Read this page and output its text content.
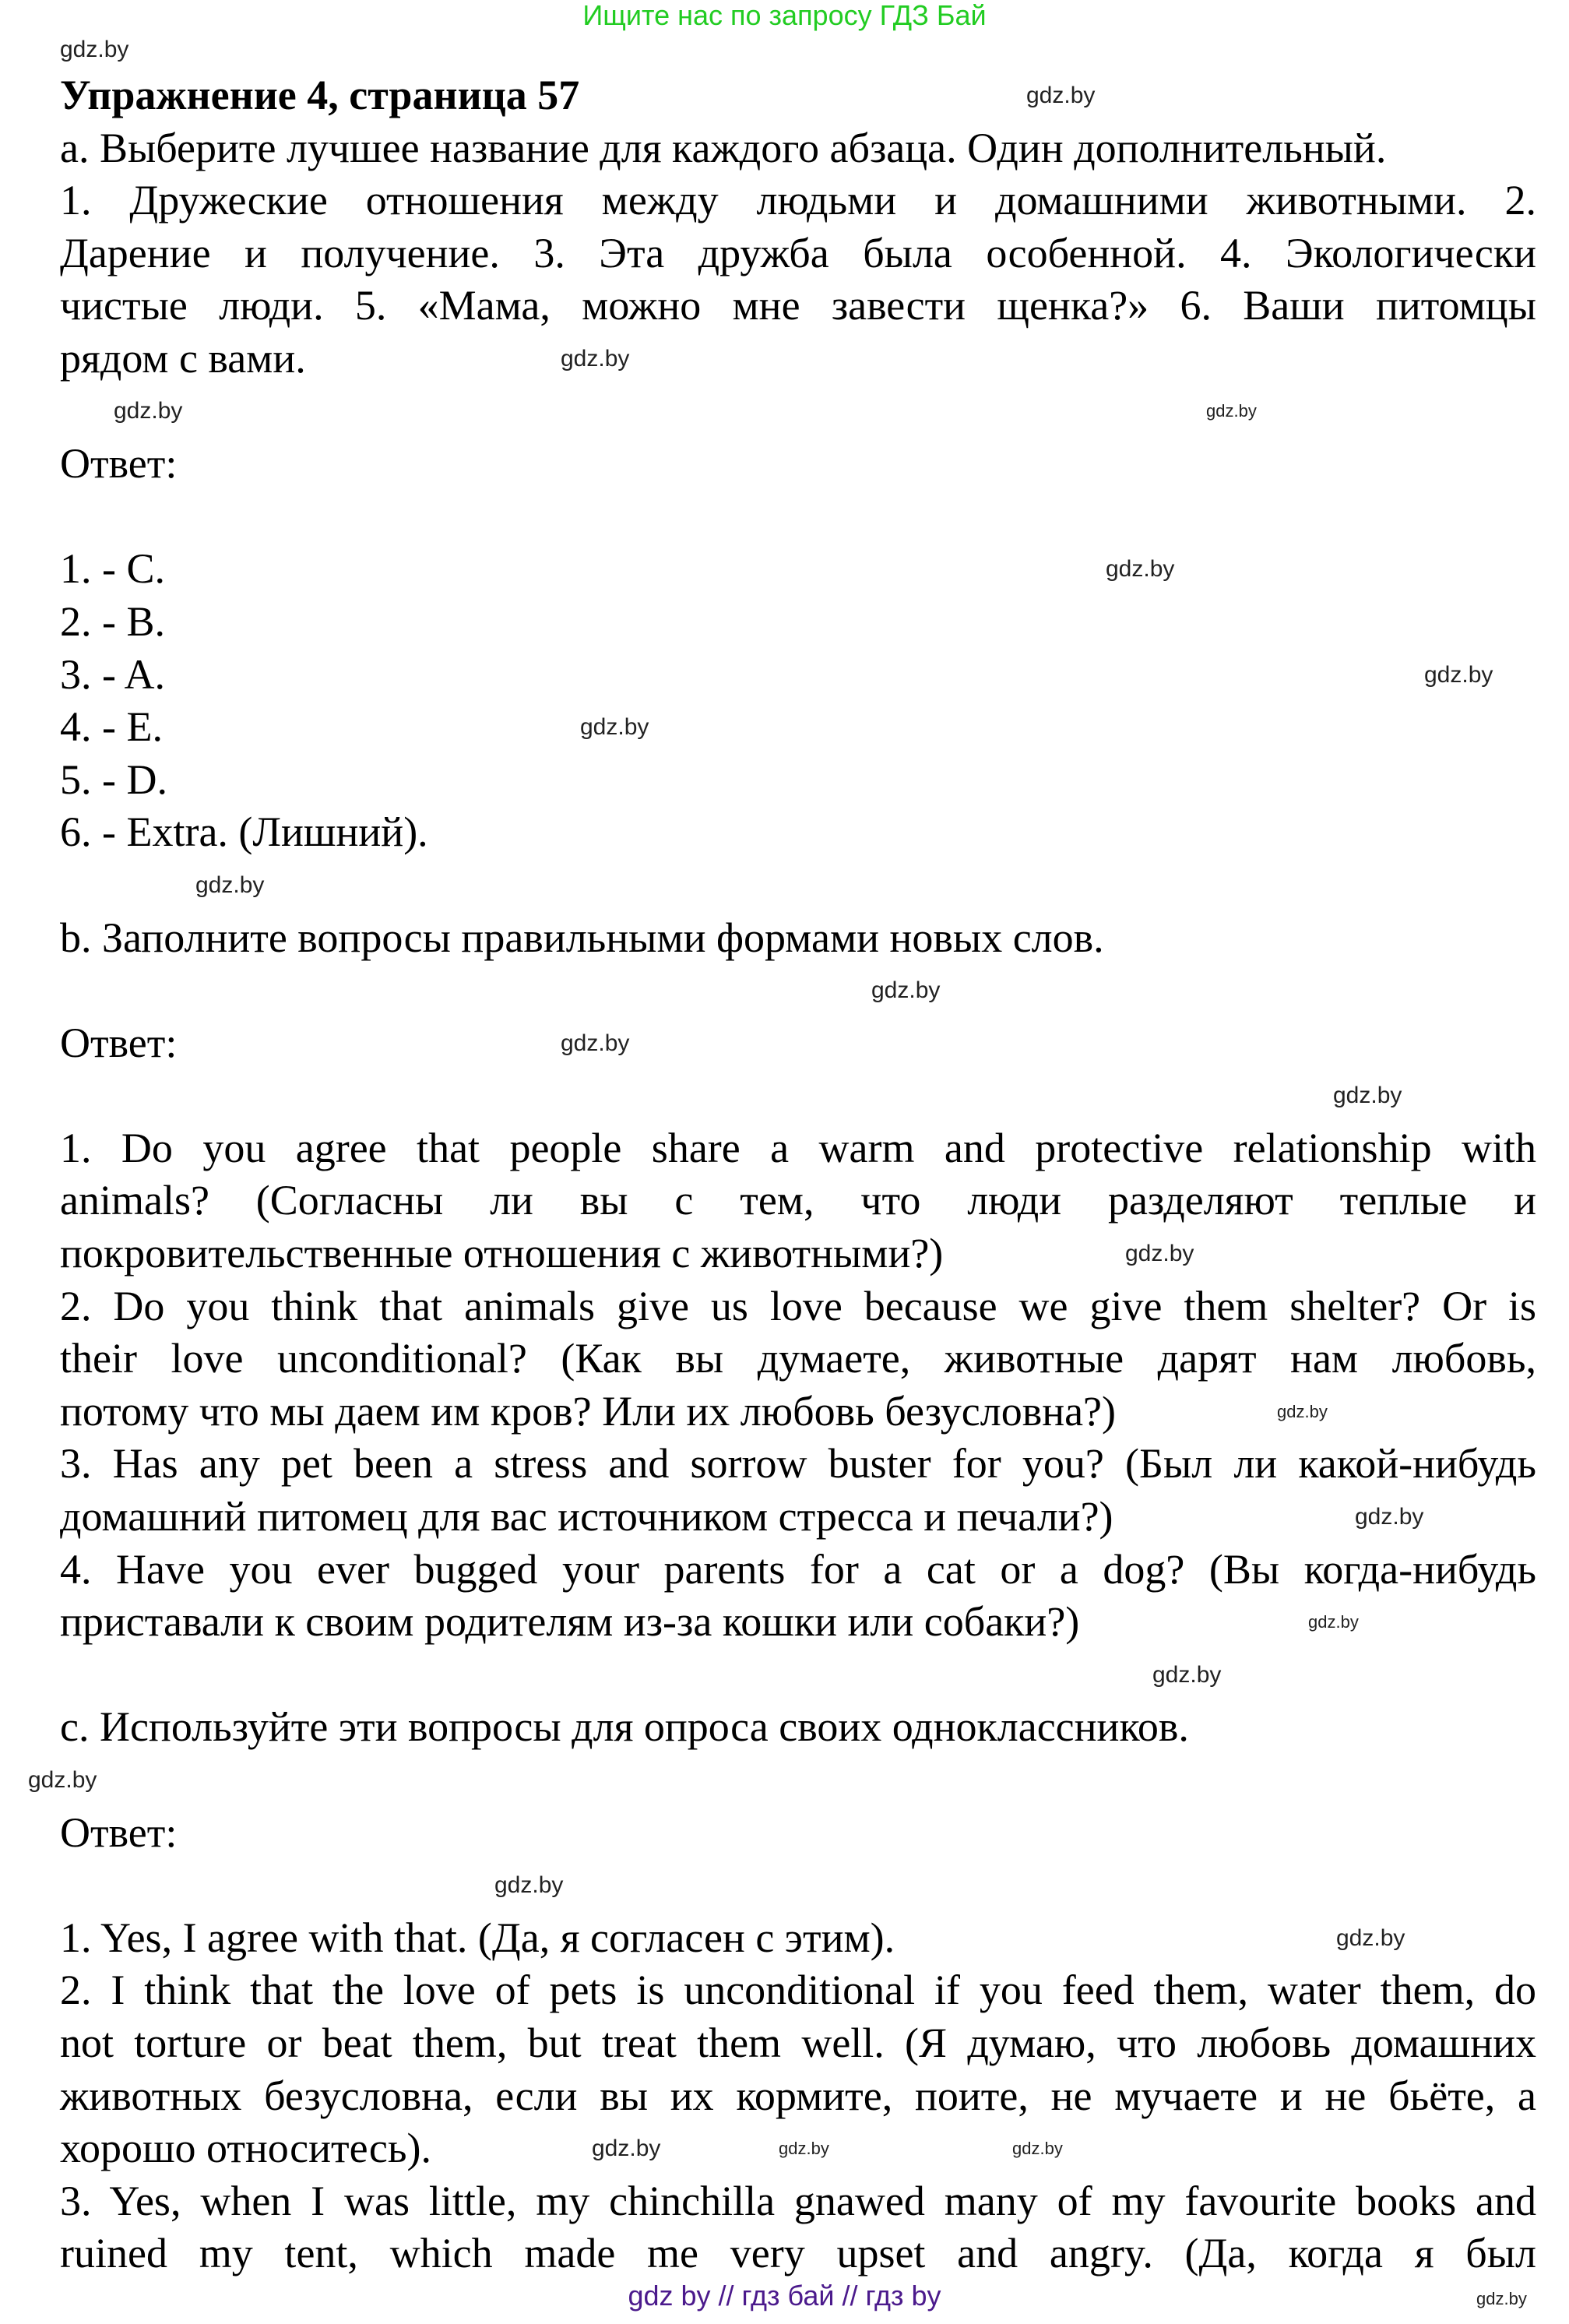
Ищите нас по запросу ГДЗ Бай
Упражнение 4, страница 57
а. Выберите лучшее название для каждого абзаца. Один дополнительный.
1. Дружеские отношения между людьми и домашними животными. 2.
Дарение и получение. 3. Эта дружба была особенной. 4. Экологически
чистые люди. 5. «Мама, можно мне завести щенка?» 6. Ваши питомцы
рядом с вами.
Ответ:
1. - C.
2. - B.
3. - A.
4. - E.
5. - D.
6. - Extra. (Лишний).
b. Заполните вопросы правильными формами новых слов.
Ответ:
1. Do you agree that people share a warm and protective relationship with
animals? (Согласны ли вы с тем, что люди разделяют теплые и
покровительственные отношения с животными?)
2. Do you think that animals give us love because we give them shelter? Or is
their love unconditional? (Как вы думаете, животные дарят нам любовь,
потому что мы даем им кров? Или их любовь безусловна?)
3. Has any pet been a stress and sorrow buster for you? (Был ли какой-нибудь
домашний питомец для вас источником стресса и печали?)
4. Have you ever bugged your parents for a cat or a dog? (Вы когда-нибудь
приставали к своим родителям из-за кошки или собаки?)
c. Используйте эти вопросы для опроса своих одноклассников.
Ответ:
1. Yes, I agree with that. (Да, я согласен с этим).
2. I think that the love of pets is unconditional if you feed them, water them, do
not torture or beat them, but treat them well. (Я думаю, что любовь домашних
животных безусловна, если вы их кормите, поите, не мучаете и не бьёте, а
хорошо относитесь).
3. Yes, when I was little, my chinchilla gnawed many of my favourite books and
ruined my tent, which made me very upset and angry. (Да, когда я был
gdz.by
gdz.by
gdz.by
gdz.by
gdz.by
gdz.by
gdz.by
gdz.by
gdz.by
gdz.by
gdz.by
gdz.by
gdz.by
gdz.by
gdz.by
gdz.by
gdz.by
gdz.by
gdz.by
gdz.by
gdz.by
gdz.by	gdz.by
gdz.by
gdz by // гдз бай // гдз by
